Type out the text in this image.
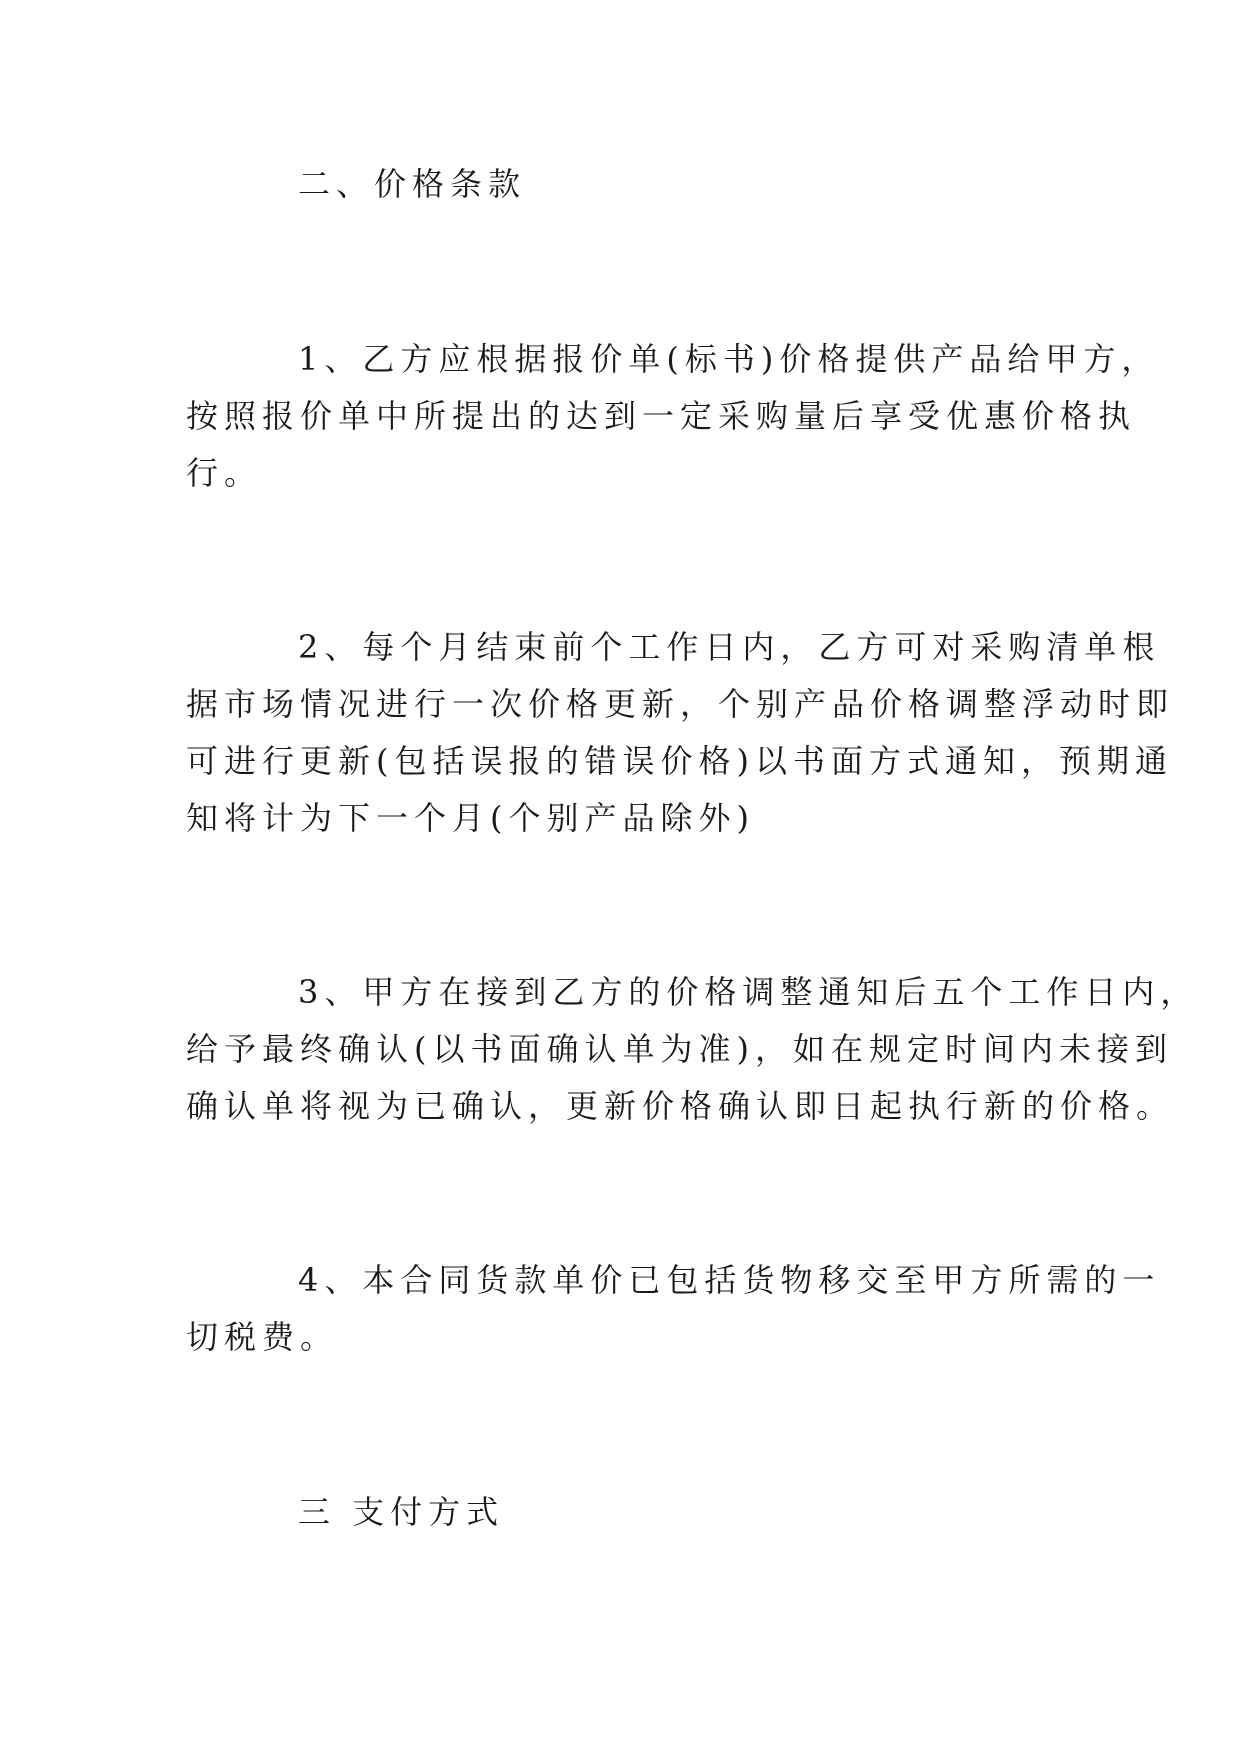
二、价格条款

1、乙方应根据报价单(标书)价格提供产品给甲方，

按照报价单中所提出的达到一定采购量后享受优惠价格执

行。

2、每个月结束前个工作日内，乙方可对采购清单根

据市场情况进行一次价格更新，个别产品价格调整浮动时即

可进行更新(包括误报的错误价格)以书面方式通知，预期通

知将计为下一个月(个别产品除外)

3、甲方在接到乙方的价格调整通知后五个工作日内，

给予最终确认(以书面确认单为准)，如在规定时间内未接到

确认单将视为已确认，更新价格确认即日起执行新的价格。

4、本合同货款单价已包括货物移交至甲方所需的一

切税费。

三 支付方式
